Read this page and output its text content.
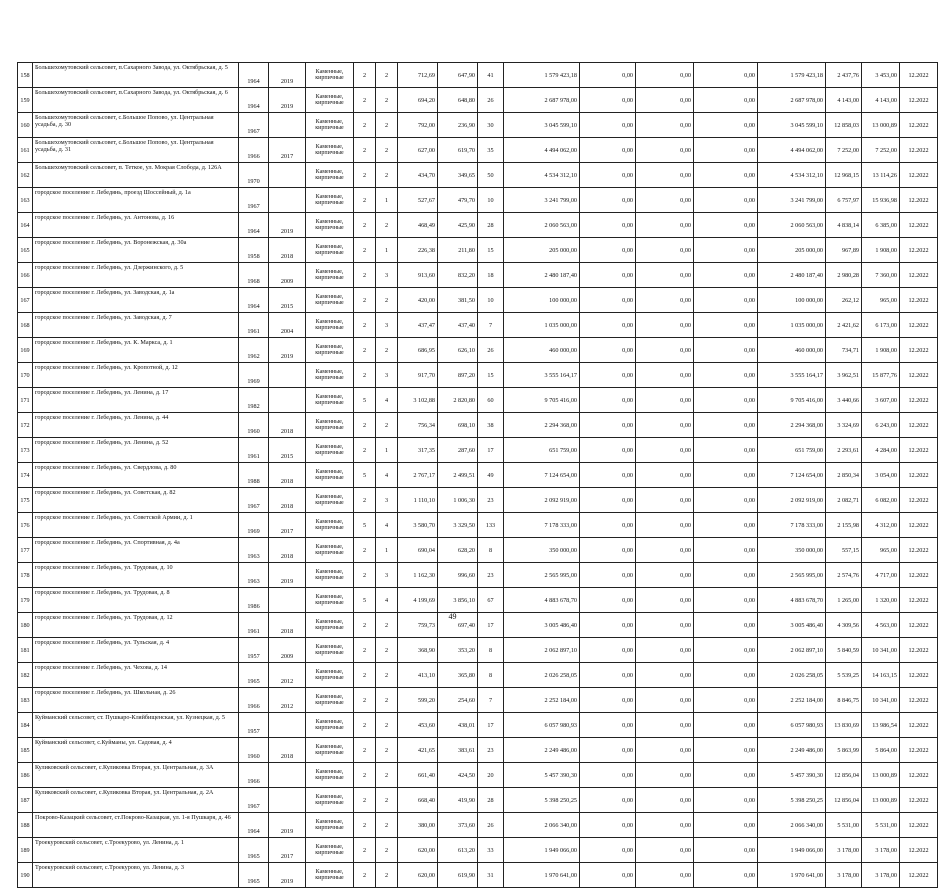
158	Большехомутовский сельсовет, п.Сахарного Завода, ул. Октябрьская, д. 5	1964	2019	Каменные, кирпичные	2	2	712,69	647,90	41	1 579 423,18	0,00	0,00	0,00	1 579 423,18	2 437,76	3 453,00	12.2022
159	Большехомутовский сельсовет, п.Сахарного Завода, ул. Октябрьская, д. 6	1964	2019	Каменные, кирпичные	2	2	694,20	648,80	26	2 687 978,00	0,00	0,00	0,00	2 687 978,00	4 143,00	4 143,00	12.2022
160	Большехомутовский сельсовет, с.Большое Попово, ул. Центральная усадьба, д. 30	1967		Каменные, кирпичные	2	2	792,00	236,90	30	3 045 599,10	0,00	0,00	0,00	3 045 599,10	12 858,03	13 000,89	12.2022
161	Большехомутовский сельсовет, с.Большое Попово, ул. Центральная усадьба, д. 31	1966	2017	Каменные, кирпичные	2	2	627,00	619,70	35	4 494 062,00	0,00	0,00	0,00	4 494 062,00	7 252,00	7 252,00	12.2022
162	Большехомутовский сельсовет, п. Теткое, ул. Мокрая Слобода, д. 126А	1970		Каменные, кирпичные	2	2	434,70	349,65	50	4 534 312,10	0,00	0,00	0,00	4 534 312,10	12 968,15	13 114,26	12.2022
163	городское поселение г. Лебедянь, проезд Шоссейный, д. 1а	1967		Каменные, кирпичные	2	1	527,67	479,70	10	3 241 799,00	0,00	0,00	0,00	3 241 799,00	6 757,97	15 936,98	12.2022
164	городское поселение г. Лебедянь, ул. Антонова, д. 16	1964	2019	Каменные, кирпичные	2	2	468,49	425,90	28	2 060 563,00	0,00	0,00	0,00	2 060 563,00	4 838,14	6 385,00	12.2022
165	городское поселение г. Лебедянь, ул. Воронежская, д. 30а	1958	2018	Каменные, кирпичные	2	1	226,38	211,80	15	205 000,00	0,00	0,00	0,00	205 000,00	967,89	1 908,00	12.2022
166	городское поселение г. Лебедянь, ул. Дзержинского, д. 5	1968	2009	Каменные, кирпичные	2	3	913,60	832,20	18	2 480 187,40	0,00	0,00	0,00	2 480 187,40	2 980,28	7 360,00	12.2022
167	городское поселение г. Лебедянь, ул. Заводская, д. 1а	1964	2015	Каменные, кирпичные	2	2	420,00	381,50	10	100 000,00	0,00	0,00	0,00	100 000,00	262,12	965,00	12.2022
168	городское поселение г. Лебедянь, ул. Заводская, д. 7	1961	2004	Каменные, кирпичные	2	3	437,47	437,40	7	1 035 000,00	0,00	0,00	0,00	1 035 000,00	2 421,62	6 173,00	12.2022
169	городское поселение г. Лебедянь, ул. К. Маркса, д. 1	1962	2019	Каменные, кирпичные	2	2	686,95	626,10	26	460 000,00	0,00	0,00	0,00	460 000,00	734,71	1 908,00	12.2022
170	городское поселение г. Лебедянь, ул. Кропотной, д. 12	1969		Каменные, кирпичные	2	3	917,70	897,20	15	3 555 164,17	0,00	0,00	0,00	3 555 164,17	3 962,51	15 877,76	12.2022
171	городское поселение г. Лебедянь, ул. Ленина, д. 17	1982		Каменные, кирпичные	5	4	3 102,88	2 820,80	60	9 705 416,00	0,00	0,00	0,00	9 705 416,00	3 440,66	3 607,00	12.2022
172	городское поселение г. Лебедянь, ул. Ленина, д. 44	1960	2018	Каменные, кирпичные	2	2	756,34	698,10	38	2 294 368,00	0,00	0,00	0,00	2 294 368,00	3 324,69	6 243,00	12.2022
173	городское поселение г. Лебедянь, ул. Ленина, д. 52	1961	2015	Каменные, кирпичные	2	1	317,35	287,60	17	651 759,00	0,00	0,00	0,00	651 759,00	2 293,61	4 284,00	12.2022
174	городское поселение г. Лебедянь, ул. Свердлова, д. 80	1988	2018	Каменные, кирпичные	5	4	2 767,17	2 499,51	49	7 124 654,00	0,00	0,00	0,00	7 124 654,00	2 850,34	3 054,00	12.2022
175	городское поселение г. Лебедянь, ул. Советская, д. 82	1967	2018	Каменные, кирпичные	2	3	1 110,10	1 006,30	23	2 092 919,00	0,00	0,00	0,00	2 092 919,00	2 082,71	6 082,00	12.2022
176	городское поселение г. Лебедянь, ул. Советской Армии, д. 1	1969	2017	Каменные, кирпичные	5	4	3 580,70	3 329,50	133	7 178 333,00	0,00	0,00	0,00	7 178 333,00	2 155,98	4 312,00	12.2022
177	городское поселение г. Лебедянь, ул. Спортивная, д. 4а	1963	2018	Каменные, кирпичные	2	1	690,04	628,20	8	350 000,00	0,00	0,00	0,00	350 000,00	557,15	965,00	12.2022
178	городское поселение г. Лебедянь, ул. Трудовая, д. 10	1963	2019	Каменные, кирпичные	2	3	1 162,30	996,60	23	2 565 995,00	0,00	0,00	0,00	2 565 995,00	2 574,76	4 717,00	12.2022
179	городское поселение г. Лебедянь, ул. Трудовая, д. 8	1986		Каменные, кирпичные	5	4	4 199,69	3 856,10	67	4 883 678,70	0,00	0,00	0,00	4 883 678,70	1 265,00	1 320,00	12.2022
180	городское поселение г. Лебедянь, ул. Трудовая, д. 12	1961	2018	Каменные, кирпичные	2	2	759,73	697,40	17	3 005 486,40	0,00	0,00	0,00	3 005 486,40	4 309,56	4 563,00	12.2022
181	городское поселение г. Лебедянь, ул. Тульская, д. 4	1957	2009	Каменные, кирпичные	2	2	368,90	353,20	8	2 062 897,10	0,00	0,00	0,00	2 062 897,10	5 840,59	10 341,00	12.2022
182	городское поселение г. Лебедянь, ул. Чехова, д. 14	1965	2012	Каменные, кирпичные	2	2	413,10	365,80	8	2 026 258,05	0,00	0,00	0,00	2 026 258,05	5 539,25	14 163,15	12.2022
183	городское поселение г. Лебедянь, ул. Школьная, д. 26	1966	2012	Каменные, кирпичные	2	2	599,20	254,60	7	2 252 184,00	0,00	0,00	0,00	2 252 184,00	8 846,75	10 341,00	12.2022
184	Куйманский сельсовет, ст. Пушкаро-Кляйбищенская, ул. Кузнецкая, д. 5	1957		Каменные, кирпичные	2	2	453,60	438,01	17	6 057 980,93	0,00	0,00	0,00	6 057 980,93	13 830,69	13 986,54	12.2022
185	Куйманский сельсовет, с.Куйманы, ул. Садовая, д. 4	1960	2018	Каменные, кирпичные	2	2	421,65	383,61	23	2 249 486,00	0,00	0,00	0,00	2 249 486,00	5 863,99	5 864,00	12.2022
186	Куликовский сельсовет, с.Куликовка Вторая, ул. Центральная, д. 3А	1966		Каменные, кирпичные	2	2	661,40	424,50	20	5 457 390,30	0,00	0,00	0,00	5 457 390,30	12 856,04	13 000,89	12.2022
187	Куликовский сельсовет, с.Куликовка Вторая, ул. Центральная, д. 2А	1967		Каменные, кирпичные	2	2	668,40	419,90	28	5 398 250,25	0,00	0,00	0,00	5 398 250,25	12 856,04	13 000,89	12.2022
188	Покрово-Казацкий сельсовет, ст.Покрово-Казацкая, ул. 1-я Пушкаря, д. 46	1964	2019	Каменные, кирпичные	2	2	380,00	373,60	26	2 066 340,00	0,00	0,00	0,00	2 066 340,00	5 531,00	5 531,00	12.2022
189	Троекуровский сельсовет, с.Троекурово, ул. Ленина, д. 1	1965	2017	Каменные, кирпичные	2	2	620,00	613,20	33	1 949 066,00	0,00	0,00	0,00	1 949 066,00	3 178,00	3 178,00	12.2022
190	Троекуровский сельсовет, с.Троекурово, ул. Ленина, д. 3	1965	2019	Каменные, кирпичные	2	2	620,00	619,90	31	1 970 641,00	0,00	0,00	0,00	1 970 641,00	3 178,00	3 178,00	12.2022
49
